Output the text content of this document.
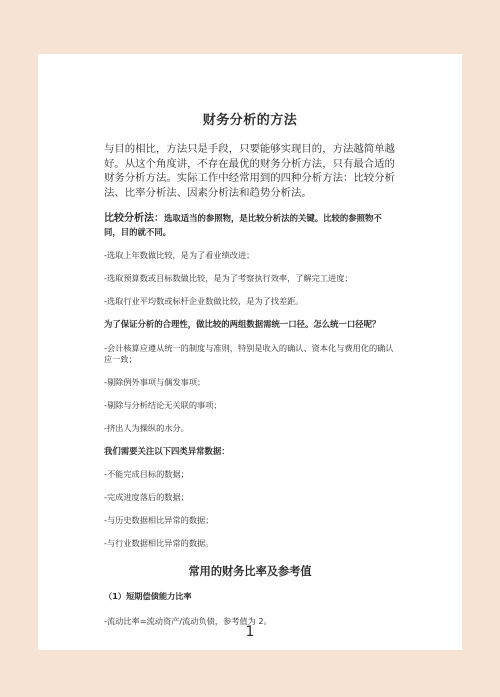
财务分析的方法

与目的相比，方法只是手段，只要能够实现目的，方法越简单越好。从这个角度讲，不存在最优的财务分析方法，只有最合适的财务分析方法。实际工作中经常用到的四种分析方法：比较分析法、比率分析法、因素分析法和趋势分析法。

比较分析法：选取适当的参照物，是比较分析法的关键。比较的参照物不同，目的就不同。

-选取上年数做比较，是为了看业绩改进；

-选取预算数或目标数做比较，是为了考察执行效率，了解完工进度；

-选取行业平均数或标杆企业数做比较，是为了找差距。

为了保证分析的合理性，做比较的两组数据需统一口径。怎么统一口径呢？

-会计核算应遵从统一的制度与准则，特别是收入的确认、资本化与费用化的确认应一致；

-剔除例外事项与偶发事项；

-剔除与分析结论无关联的事项；

-挤出人为操纵的水分。

我们需要关注以下四类异常数据：

-不能完成目标的数据；

-完成进度落后的数据；

-与历史数据相比异常的数据；

-与行业数据相比异常的数据。

常用的财务比率及参考值

（1）短期偿债能力比率

-流动比率=流动资产/流动负债，参考值为 2。

1
